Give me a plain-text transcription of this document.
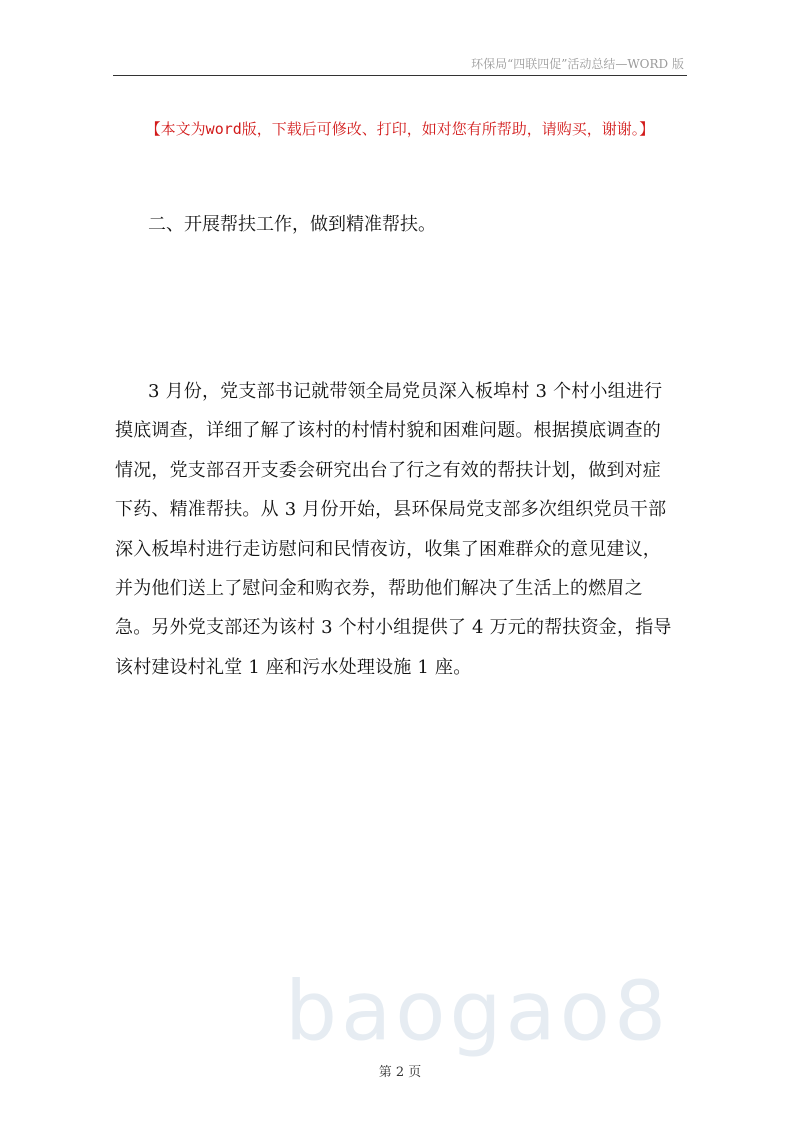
环保局“四联四促”活动总结—WORD 版
【本文为word版，下载后可修改、打印，如对您有所帮助，请购买，谢谢。】
baogao8
二、开展帮扶工作，做到精准帮扶。
3 月份，党支部书记就带领全局党员深入板埠村 3 个村小组进行
摸底调查，详细了解了该村的村情村貌和困难问题。根据摸底调查的
情况，党支部召开支委会研究出台了行之有效的帮扶计划，做到对症
下药、精准帮扶。从 3 月份开始，县环保局党支部多次组织党员干部
深入板埠村进行走访慰问和民情夜访，收集了困难群众的意见建议，
并为他们送上了慰问金和购衣券，帮助他们解决了生活上的燃眉之
急。另外党支部还为该村 3 个村小组提供了 4 万元的帮扶资金，指导
该村建设村礼堂 1 座和污水处理设施 1 座。
第 2 页
